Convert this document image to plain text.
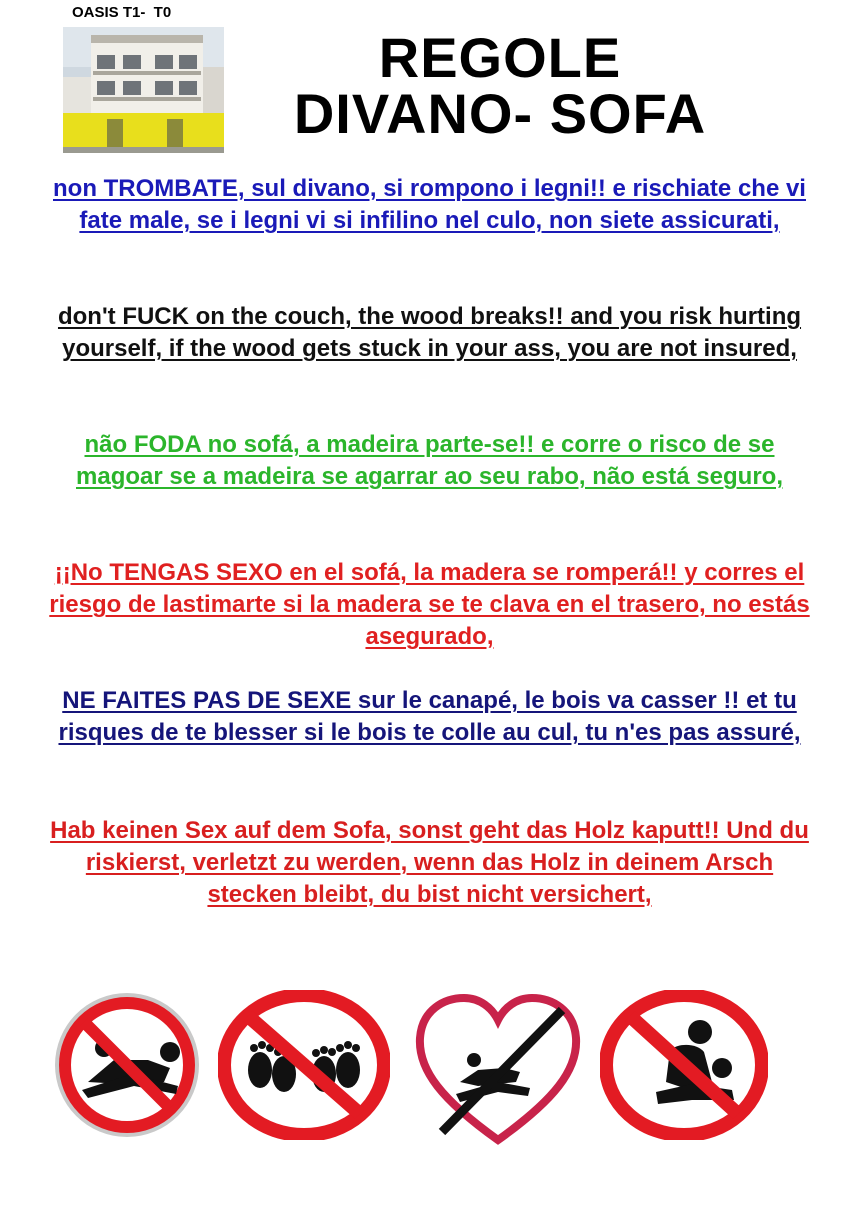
OASIS T1-  T0
REGOLE
DIVANO- SOFA
non TROMBATE, sul divano, si rompono i legni!! e rischiate che vi fate male, se i legni vi si infilino nel culo, non siete assicurati,
don't FUCK on the couch, the wood breaks!! and you risk hurting yourself, if the wood gets stuck in your ass, you are not insured,
não FODA no sofá, a madeira parte-se!! e corre o risco de se magoar se a madeira se agarrar ao seu rabo, não está seguro,
¡¡No TENGAS SEXO en el sofá, la madera se romperá!! y corres el riesgo de lastimarte si la madera se te clava en el trasero, no estás asegurado,
NE FAITES PAS DE SEXE sur le canapé, le bois va casser !! et tu risques de te blesser si le bois te colle au cul, tu n'es pas assuré,
Hab keinen Sex auf dem Sofa, sonst geht das Holz kaputt!! Und du riskierst, verletzt zu werden, wenn das Holz in deinem Arsch stecken bleibt, du bist nicht versichert,
